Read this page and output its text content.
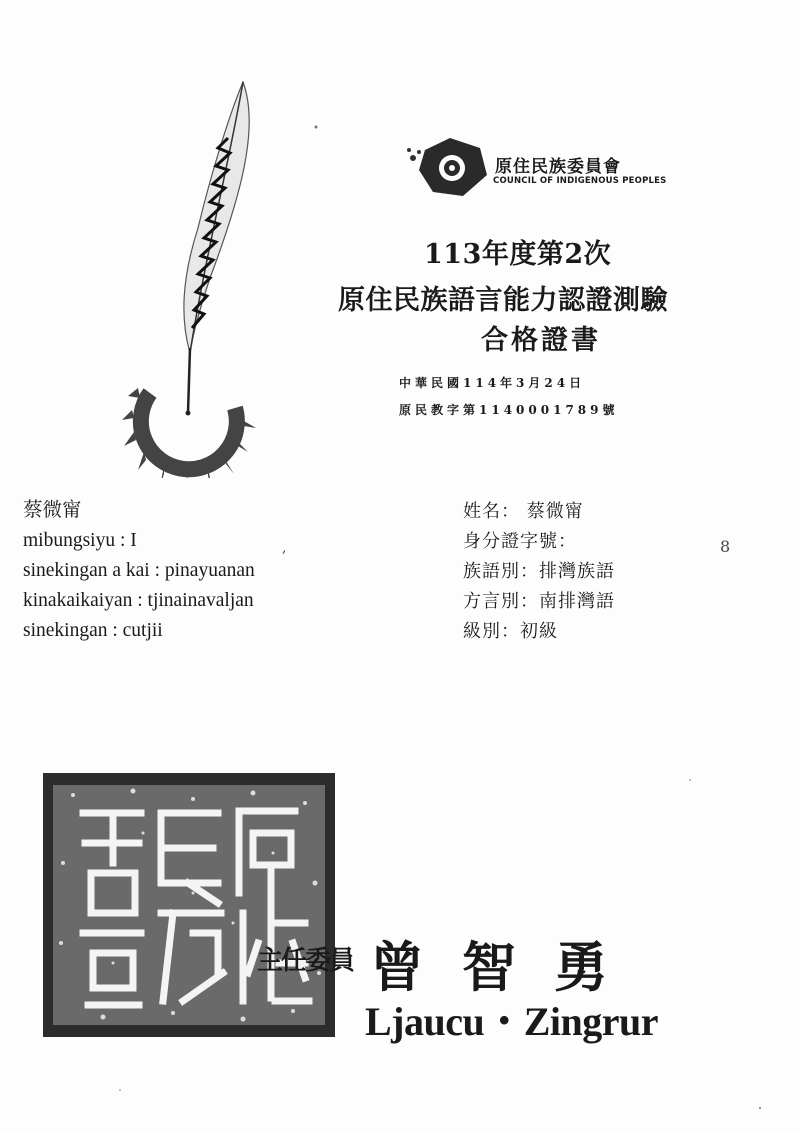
原住民族委員會
COUNCIL OF INDIGENOUS PEOPLES
113年度第2次
原住民族語言能力認證測驗
合格證書
中華民國114年3月24日
原民教字第1140001789號
蔡微甯
mibungsiyu : I
sinekingan a kai : pinayuanan
kinakaikaiyan : tjinainavaljan
sinekingan : cutjii
,
姓名： 蔡微甯
身分證字號：
族語別：排灣族語
方言別：南排灣語
級別：初級
8
主任委員 曾智勇
Ljaucu・Zingrur
